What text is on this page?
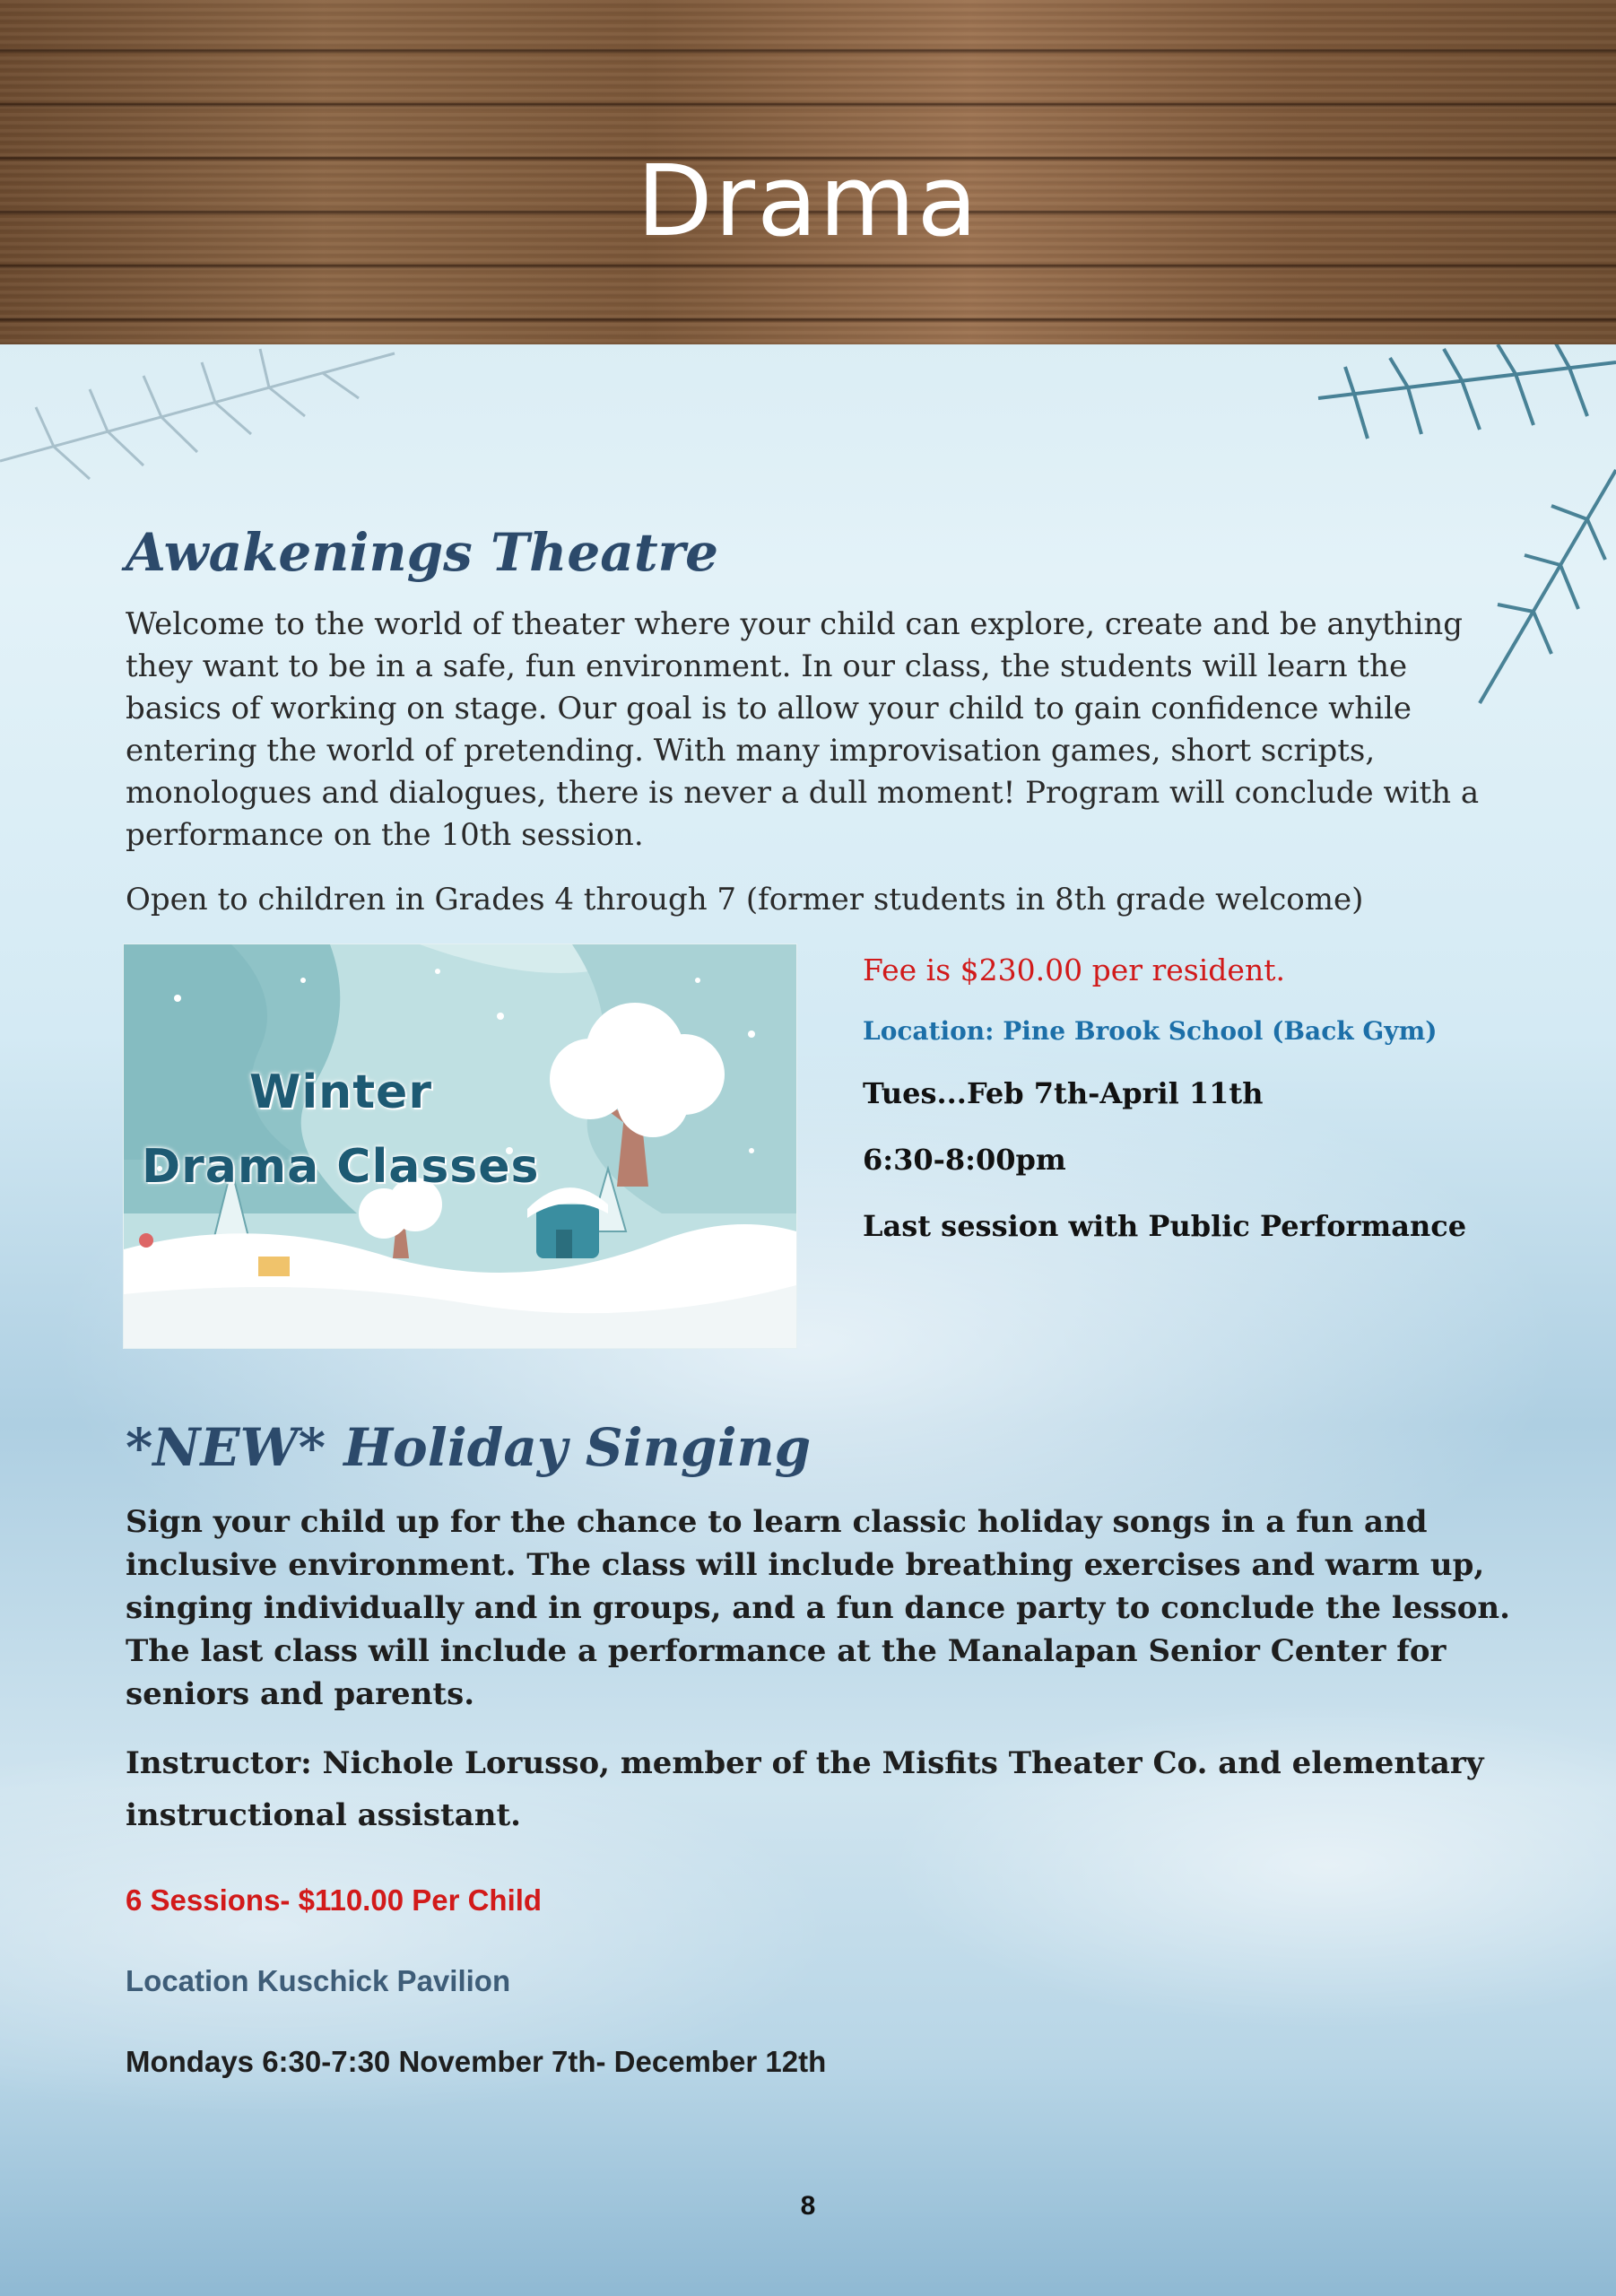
Drama
Awakenings Theatre
Welcome to the world of theater where your child can explore, create and be anything they want to be in a safe, fun environment. In our class, the students will learn the basics of working on stage. Our goal is to allow your child to gain confidence while entering the world of pretending. With many improvisation games, short scripts, monologues and dialogues, there is never a dull moment! Program will conclude with a performance on the 10th session.
Open to children in Grades 4 through 7 (former students in 8th grade welcome)
Winter
Drama Classes
Fee is $230.00 per resident.
Location: Pine Brook School (Back Gym)
Tues...Feb 7th-April 11th
6:30-8:00pm
Last session with Public Performance
*NEW* Holiday Singing
Sign your child up for the chance to learn classic holiday songs in a fun and inclusive environment. The class will include breathing exercises and warm up, singing individually and in groups, and a fun dance party to conclude the lesson. The last class will include a performance at the Manalapan Senior Center for seniors and parents.
Instructor: Nichole Lorusso, member of the Misfits Theater Co. and elementary instructional assistant.
6 Sessions- $110.00 Per Child
Location Kuschick Pavilion
Mondays 6:30-7:30 November 7th- December 12th
8
